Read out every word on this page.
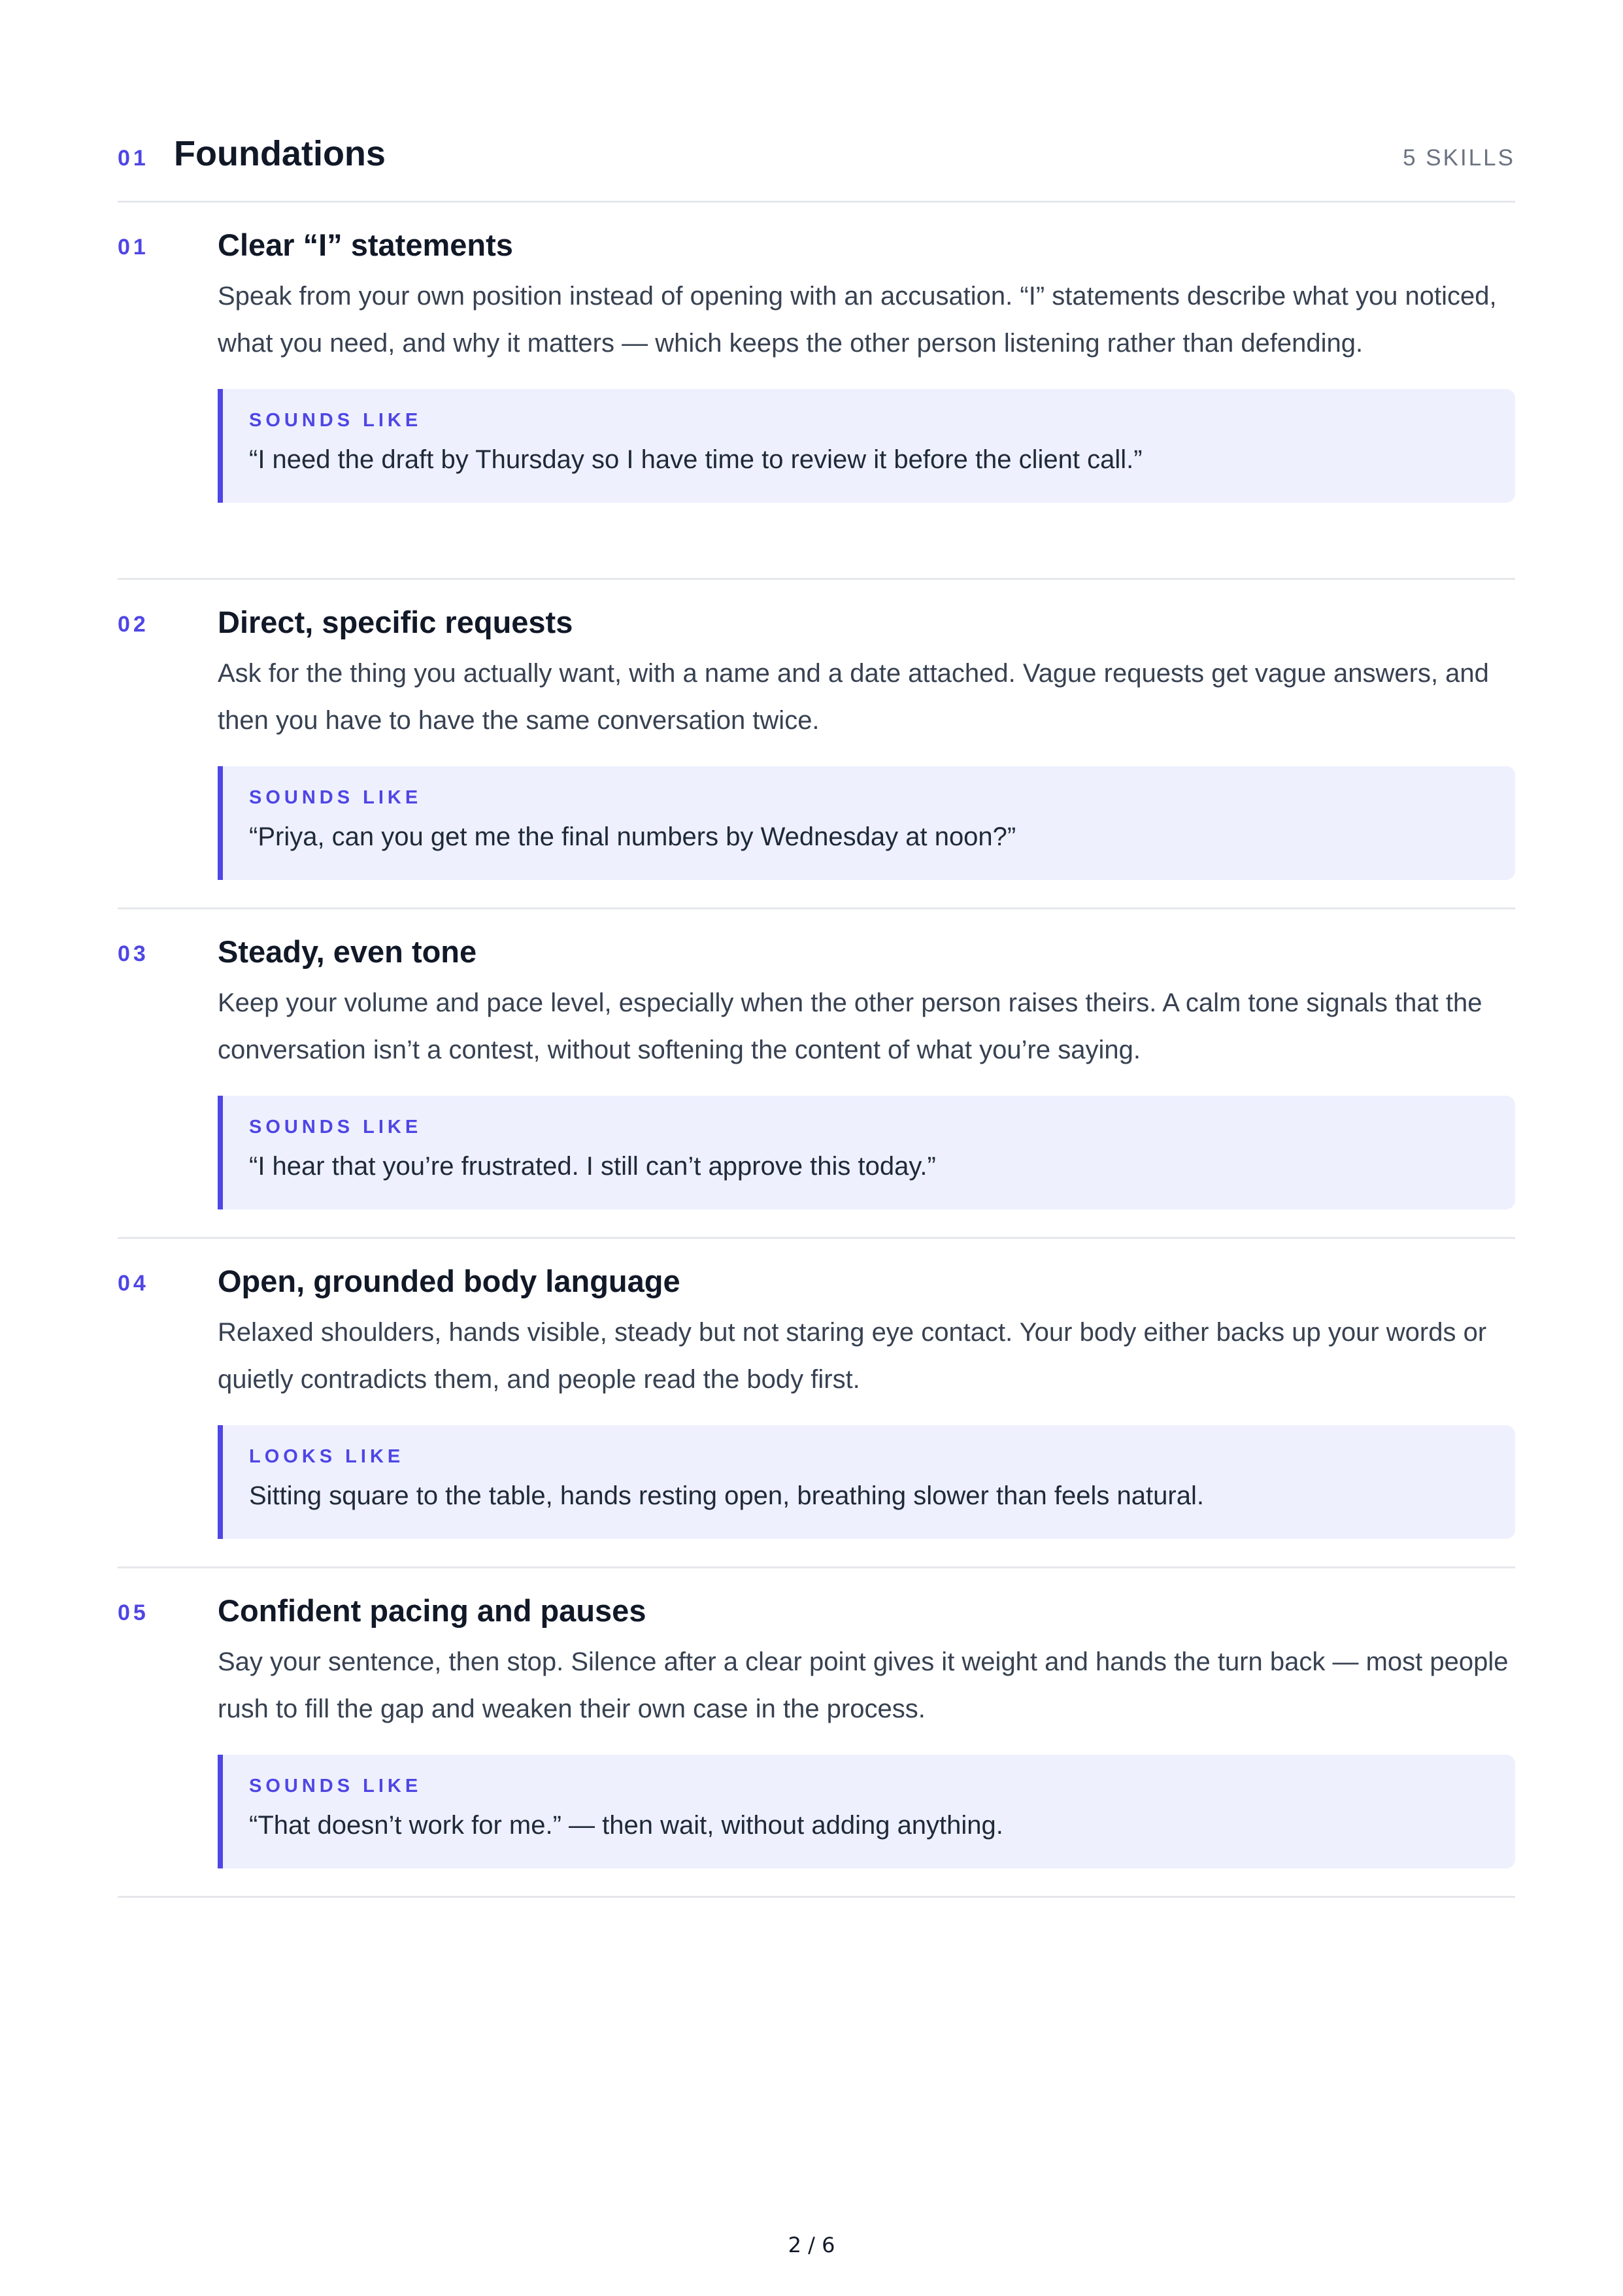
01 Foundations	5 SKILLS
01	Clear “I” statements

Speak from your own position instead of opening with an accusation. “I” statements describe what you noticed, what you need, and why it matters — which keeps the other person listening rather than defending.

SOUNDS LIKE
“I need the draft by Thursday so I have time to review it before the client call.”
02	Direct, specific requests

Ask for the thing you actually want, with a name and a date attached. Vague requests get vague answers, and then you have to have the same conversation twice.

SOUNDS LIKE
“Priya, can you get me the final numbers by Wednesday at noon?”
03	Steady, even tone

Keep your volume and pace level, especially when the other person raises theirs. A calm tone signals that the conversation isn’t a contest, without softening the content of what you’re saying.

SOUNDS LIKE
“I hear that you’re frustrated. I still can’t approve this today.”
04	Open, grounded body language

Relaxed shoulders, hands visible, steady but not staring eye contact. Your body either backs up your words or quietly contradicts them, and people read the body first.

LOOKS LIKE
Sitting square to the table, hands resting open, breathing slower than feels natural.
05	Confident pacing and pauses

Say your sentence, then stop. Silence after a clear point gives it weight and hands the turn back — most people rush to fill the gap and weaken their own case in the process.

SOUNDS LIKE
“That doesn’t work for me.” — then wait, without adding anything.
2 / 6
